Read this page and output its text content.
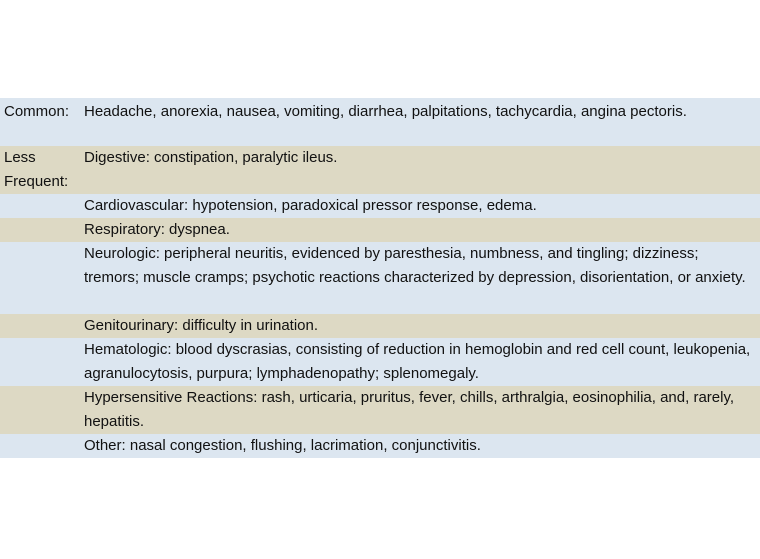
Common: Headache, anorexia, nausea, vomiting, diarrhea, palpitations, tachycardia, angina pectoris.
Less
Frequent:
Digestive: constipation, paralytic ileus.
Cardiovascular: hypotension, paradoxical pressor response, edema.
Respiratory: dyspnea.
Neurologic: peripheral neuritis, evidenced by paresthesia, numbness, and tingling; dizziness; tremors; muscle cramps; psychotic reactions characterized by depression, disorientation, or anxiety.
Genitourinary: difficulty in urination.
Hematologic: blood dyscrasias, consisting of reduction in hemoglobin and red cell count, leukopenia, agranulocytosis, purpura; lymphadenopathy; splenomegaly.
Hypersensitive Reactions: rash, urticaria, pruritus, fever, chills, arthralgia, eosinophilia, and, rarely, hepatitis.
Other: nasal congestion, flushing, lacrimation, conjunctivitis.
